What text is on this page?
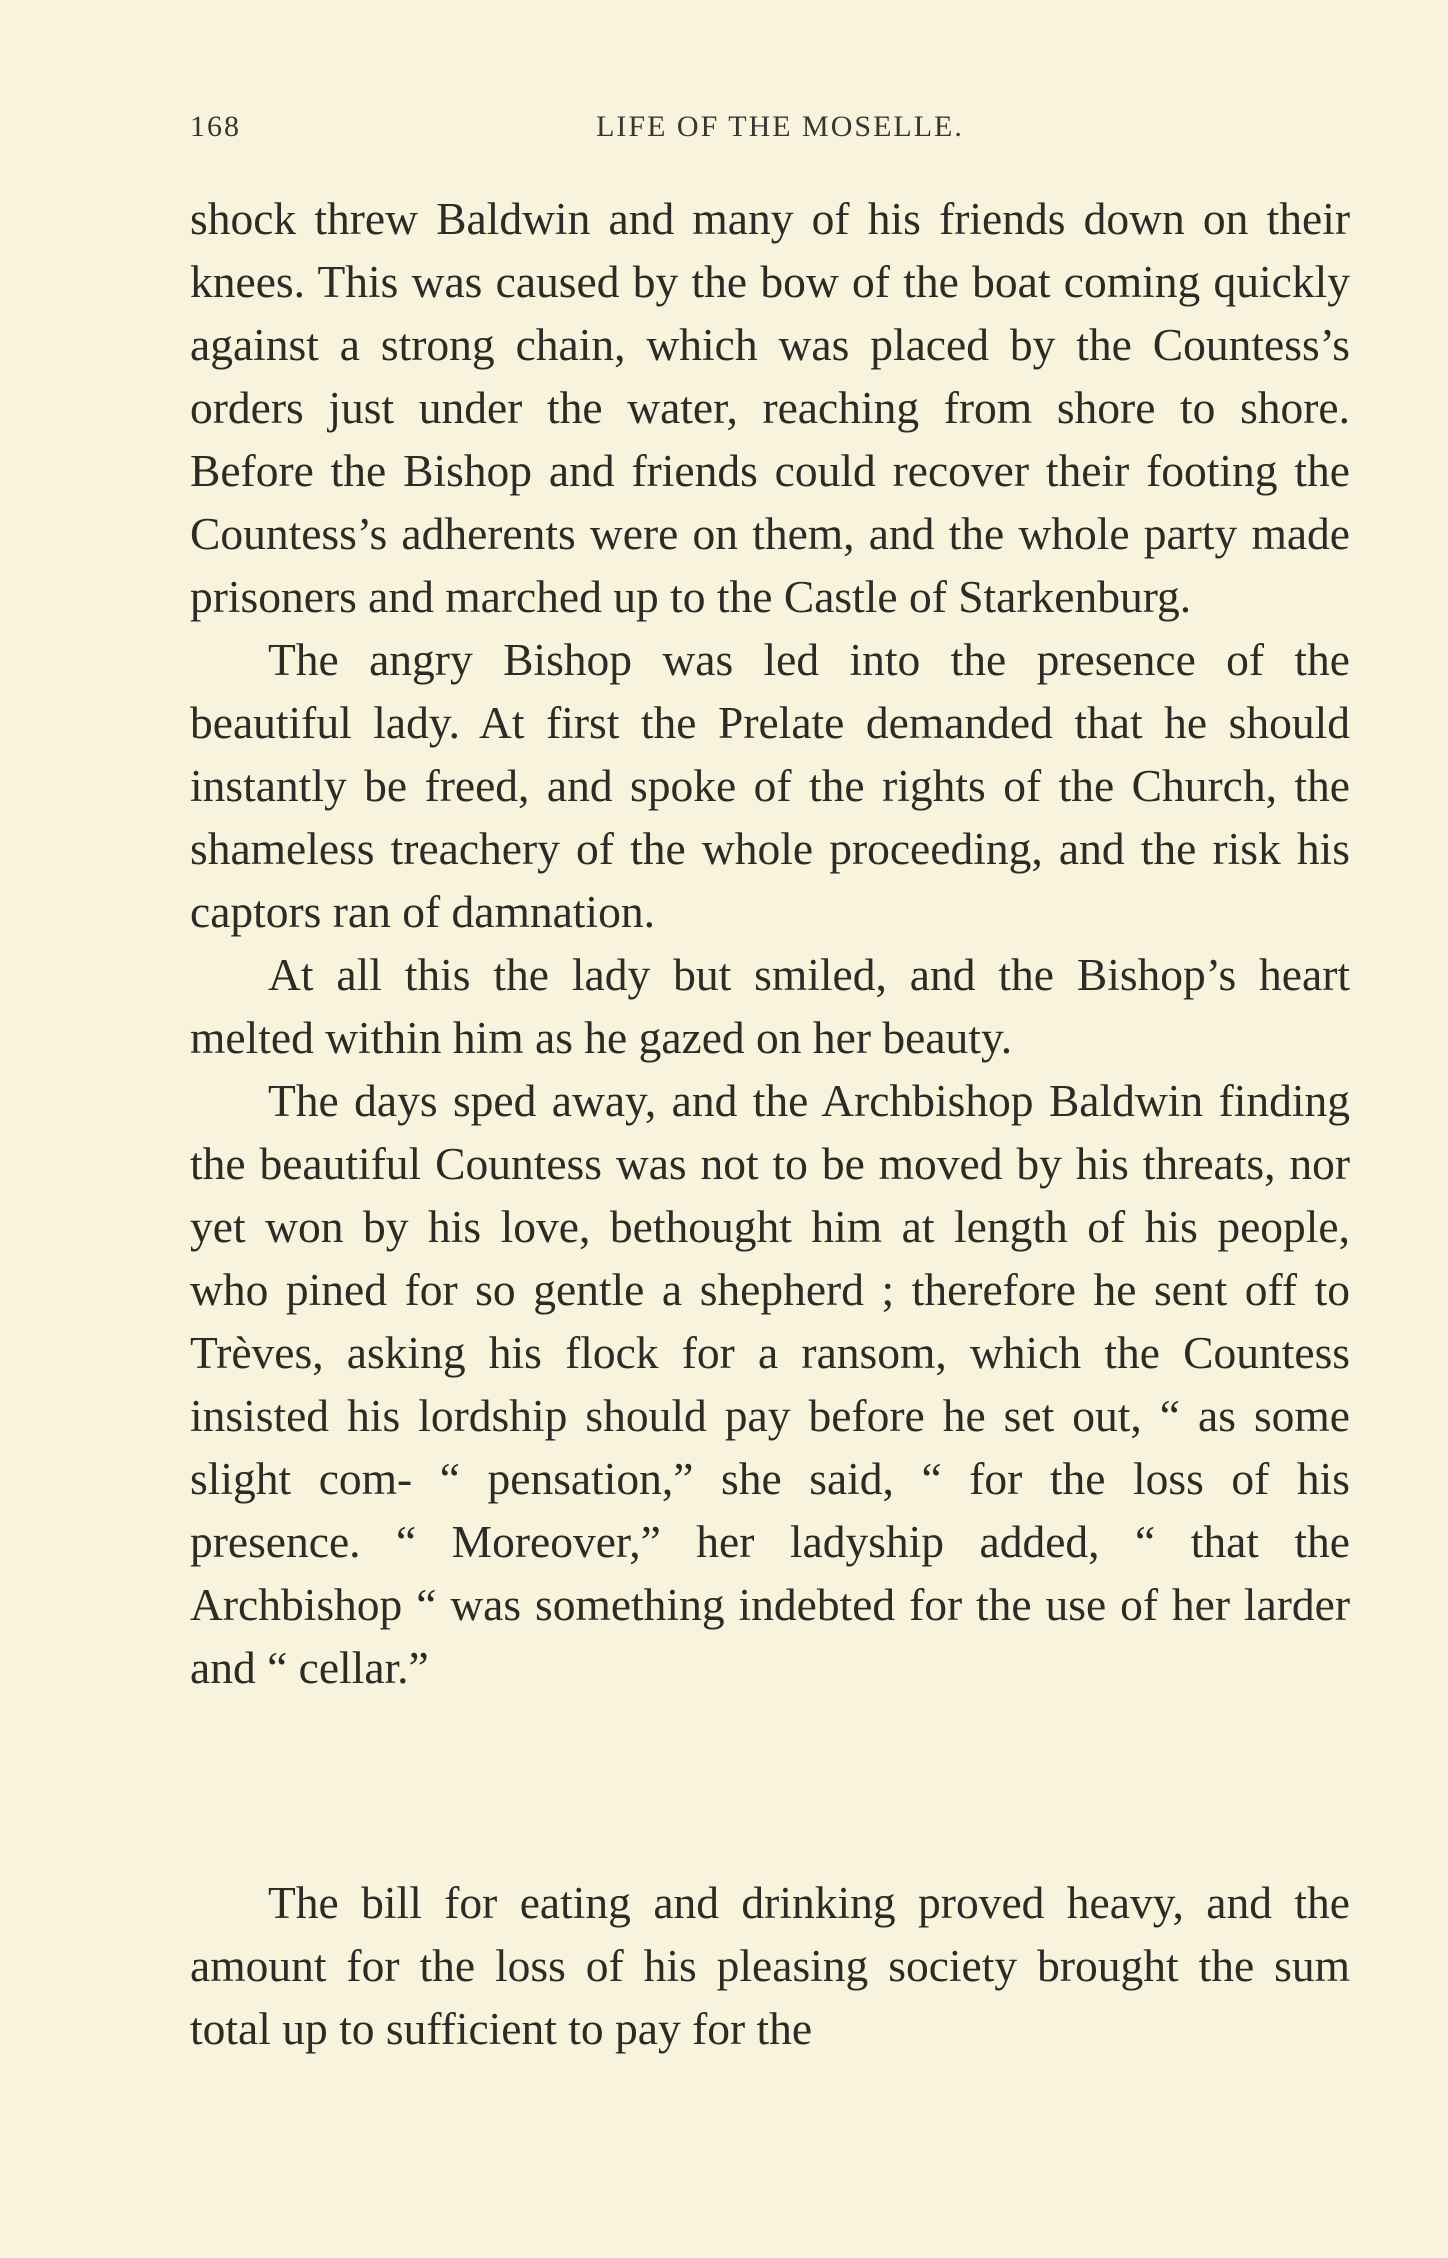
168	LIFE OF THE MOSELLE.

shock threw Baldwin and many of his friends down on their knees. This was caused by the bow of the boat coming quickly against a strong chain, which was placed by the Countess’s orders just under the water, reaching from shore to shore. Before the Bishop and friends could recover their footing the Countess’s adherents were on them, and the whole party made prisoners and marched up to the Castle of Starkenburg.

The angry Bishop was led into the presence of the beautiful lady. At first the Prelate demanded that he should instantly be freed, and spoke of the rights of the Church, the shameless treachery of the whole proceeding, and the risk his captors ran of damnation.

At all this the lady but smiled, and the Bishop’s heart melted within him as he gazed on her beauty.

The days sped away, and the Archbishop Baldwin finding the beautiful Countess was not to be moved by his threats, nor yet won by his love, bethought him at length of his people, who pined for so gentle a shepherd ; therefore he sent off to Trèves, asking his flock for a ransom, which the Countess insisted his lordship should pay before he set out, “ as some slight com- “ pensation,” she said, “ for the loss of his presence. “ Moreover,” her ladyship added, “ that the Archbishop “ was something indebted for the use of her larder and “ cellar.”

The bill for eating and drinking proved heavy, and the amount for the loss of his pleasing society brought the sum total up to sufficient to pay for the
